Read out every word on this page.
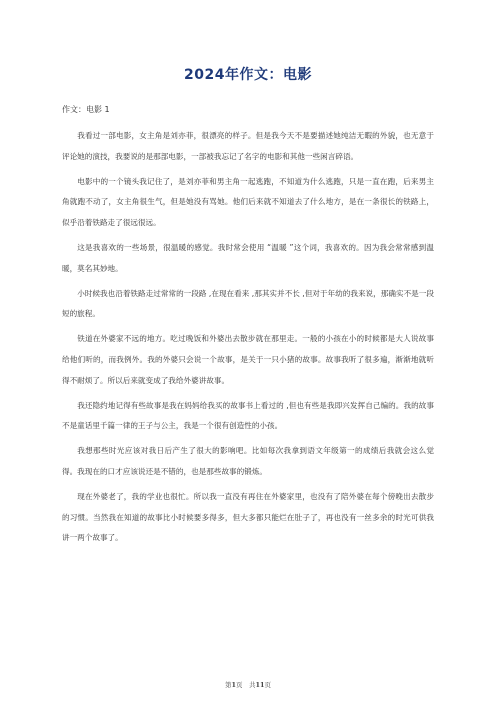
2024年作文：电影
作文：电影 1

我看过一部电影，女主角是刘亦菲，很漂亮的样子。但是我今天不是要描述她纯洁无暇的外貌，也无意于评论她的演技，我要说的是那部电影，一部被我忘记了名字的电影和其他一些闲言碎语。

电影中的一个镜头我记住了，是刘亦菲和男主角一起逃跑，不知道为什么逃跑，只是一直在跑，后来男主角就跑不动了，女主角很生气，但是她没有骂她。他们后来就不知道去了什么地方，是在一条很长的铁路上，似乎沿着铁路走了很远很远。

这是我喜欢的一些场景，很温暖的感觉。我时常会使用 “温暖 ”这个词，我喜欢的。因为我会常常感到温暖，莫名其妙地。

小时候我也沿着铁路走过常常的一段路 ,在现在看来 ,那其实并不长 ,但对于年幼的我来说，那确实不是一段短的旅程。

铁道在外婆家不远的地方。吃过晚饭和外婆出去散步就在那里走。一般的小孩在小的时候都是大人说故事给他们听的，而我例外。我的外婆只会说一个故事，是关于一只小猪的故事。故事我听了很多遍，渐渐地就听得不耐烦了。所以后来就变成了我给外婆讲故事。

我还隐约地记得有些故事是我在妈妈给我买的故事书上看过的 ,但也有些是我即兴发挥自己编的。我的故事不是童话里千篇一律的王子与公主，我是一个很有创造性的小孩。

我想那些时光应该对我日后产生了很大的影响吧。比如每次我拿到语文年级第一的成绩后我就会这么觉得。我现在的口才应该说还是不错的，也是那些故事的锻炼。

现在外婆老了，我的学业也很忙。所以我一直没有再住在外婆家里，也没有了陪外婆在每个傍晚出去散步的习惯。当然我在知道的故事比小时候要多得多，但大多都只能烂在肚子了，再也没有一丝多余的时光可供我讲一两个故事了。

第1页　共11页
